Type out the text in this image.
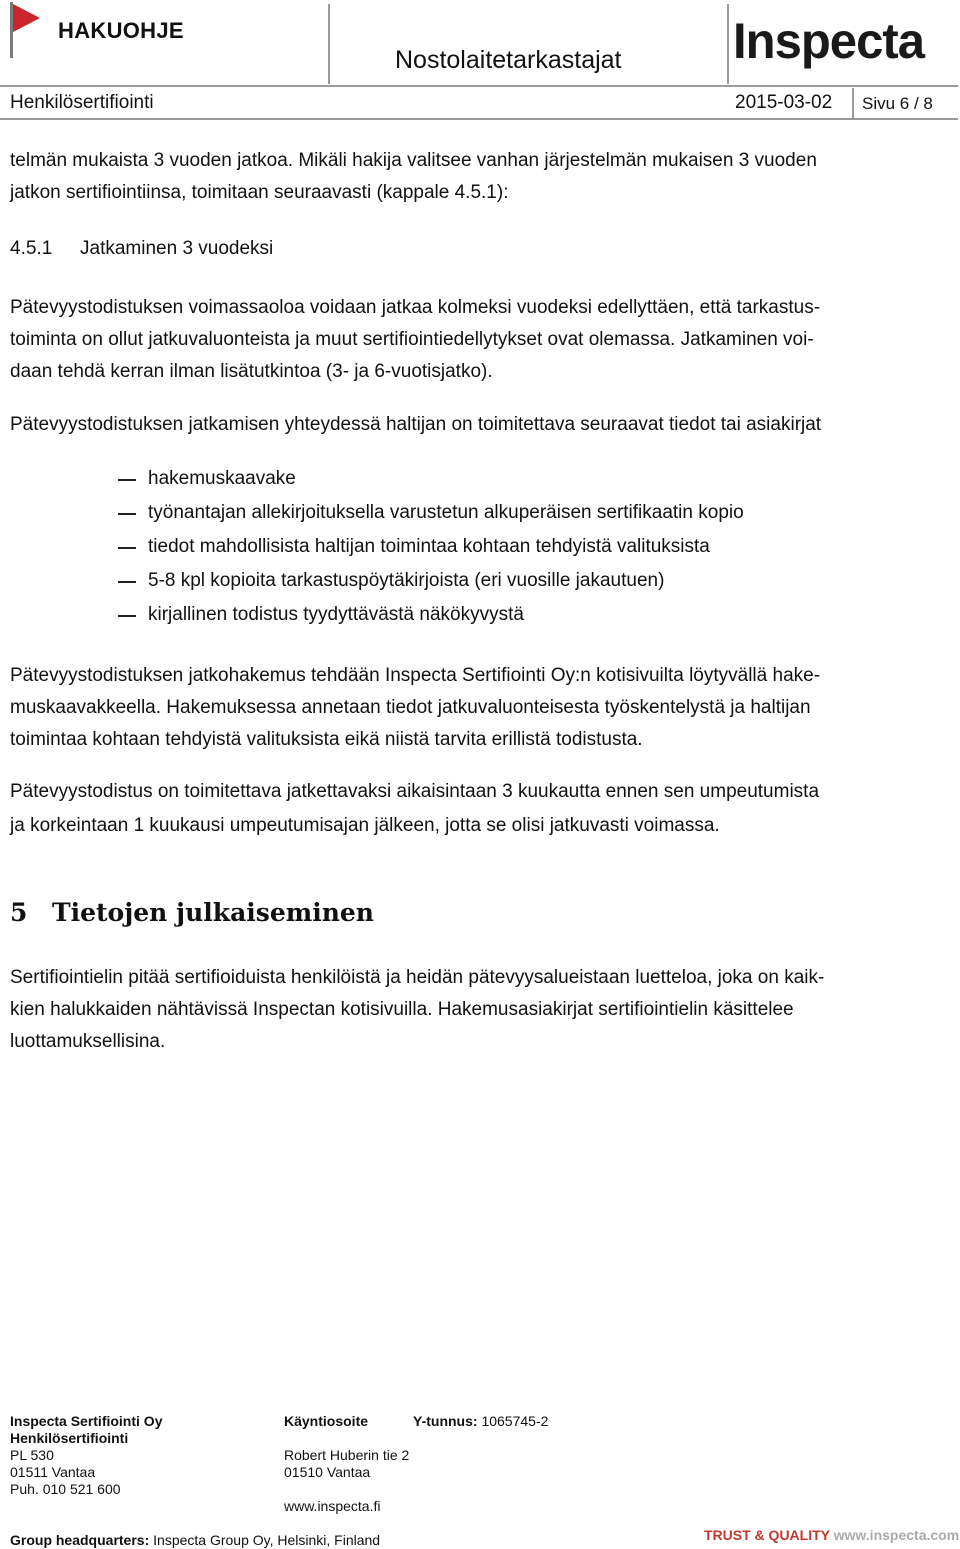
HAKUOHJE
Nostolaitetarkastajat Inspecta
Henkilösertifiointi	2015-03-02 Sivu 6 / 8
telmän mukaista 3 vuoden jatkoa. Mikäli hakija valitsee vanhan järjestelmän mukaisen 3 vuoden
jatkon sertifiointiinsa, toimitaan seuraavasti (kappale 4.5.1):
4.5.1 Jatkaminen 3 vuodeksi
Pätevyystodistuksen voimassaoloa voidaan jatkaa kolmeksi vuodeksi edellyttäen, että tarkastus-
toiminta on ollut jatkuvaluonteista ja muut sertifiointiedellytykset ovat olemassa. Jatkaminen voi-
daan tehdä kerran ilman lisätutkintoa (3- ja 6-vuotisjatko).
Pätevyystodistuksen jatkamisen yhteydessä haltijan on toimitettava seuraavat tiedot tai asiakirjat
hakemuskaavake
työnantajan allekirjoituksella varustetun alkuperäisen sertifikaatin kopio
tiedot mahdollisista haltijan toimintaa kohtaan tehdyistä valituksista
5-8 kpl kopioita tarkastuspöytäkirjoista (eri vuosille jakautuen)
kirjallinen todistus tyydyttävästä näkökyvystä
Pätevyystodistuksen jatkohakemus tehdään Inspecta Sertifiointi Oy:n kotisivuilta löytyvällä hake-
muskaavakkeella. Hakemuksessa annetaan tiedot jatkuvaluonteisesta työskentelystä ja haltijan
toimintaa kohtaan tehdyistä valituksista eikä niistä tarvita erillistä todistusta.
Pätevyystodistus on toimitettava jatkettavaksi aikaisintaan 3 kuukautta ennen sen umpeutumista
ja korkeintaan 1 kuukausi umpeutumisajan jälkeen, jotta se olisi jatkuvasti voimassa.
5 Tietojen julkaiseminen
Sertifiointielin pitää sertifioiduista henkilöistä ja heidän pätevyysalueistaan luetteloa, joka on kaik-
kien halukkaiden nähtävissä Inspectan kotisivuilla. Hakemusasiakirjat sertifiointielin käsittelee
luottamuksellisina.
Inspecta Sertifiointi Oy
Henkilösertifiointi
PL 530
01511 Vantaa
Puh. 010 521 600
Käyntiosoite
Robert Huberin tie 2
01510 Vantaa
www.inspecta.fi
Y-tunnus: 1065745-2
Group headquarters: Inspecta Group Oy, Helsinki, Finland	TRUST & QUALITY www.inspecta.com
